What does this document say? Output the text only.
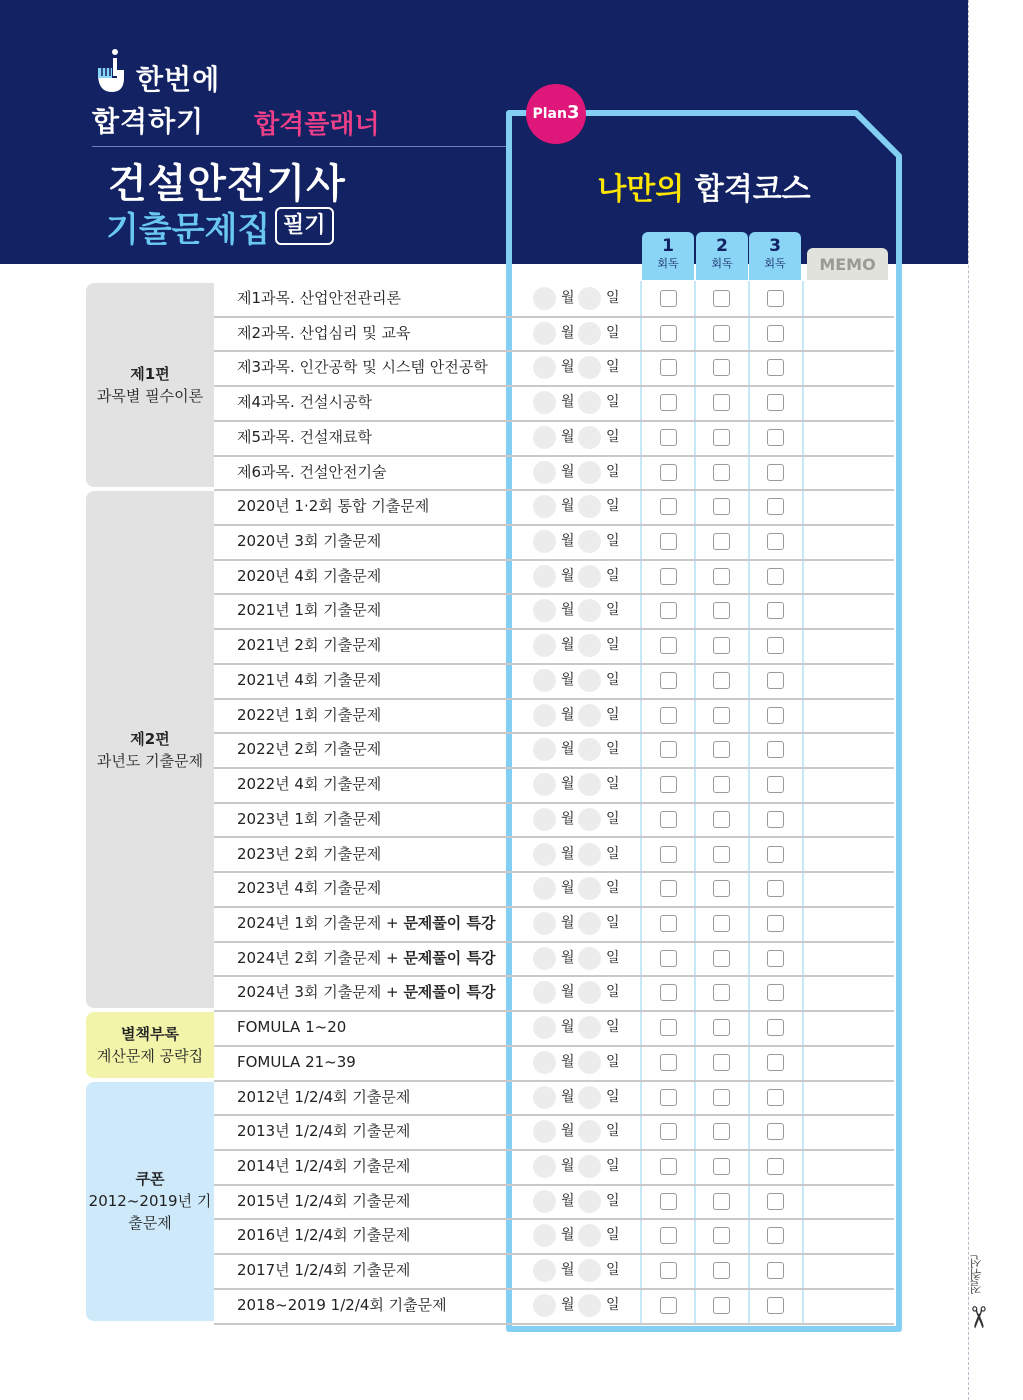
절취선
✂
한번에
합격하기 합격플래너
건설안전기사
기출문제집 필기
Plan3
나만의 합격코스
1
회독
2
회독
3
회독	MEMO
제1편
과목별 필수이론
제2편
과년도 기출문제
별책부록
계산문제 공략집
쿠폰
2012~2019년 기출문제
제1과목. 산업안전관리론	월 일
제2과목. 산업심리 및 교육	월 일
제3과목. 인간공학 및 시스템 안전공학	월 일
제4과목. 건설시공학	월 일
제5과목. 건설재료학	월 일
제6과목. 건설안전기술	월 일
2020년 1·2회 통합 기출문제	월 일
2020년 3회 기출문제	월 일
2020년 4회 기출문제	월 일
2021년 1회 기출문제	월 일
2021년 2회 기출문제	월 일
2021년 4회 기출문제	월 일
2022년 1회 기출문제	월 일
2022년 2회 기출문제	월 일
2022년 4회 기출문제	월 일
2023년 1회 기출문제	월 일
2023년 2회 기출문제	월 일
2023년 4회 기출문제	월 일
2024년 1회 기출문제 + 문제풀이 특강	월 일
2024년 2회 기출문제 + 문제풀이 특강	월 일
2024년 3회 기출문제 + 문제풀이 특강	월 일
FOMULA 1~20	월 일
FOMULA 21~39	월 일
2012년 1/2/4회 기출문제	월 일
2013년 1/2/4회 기출문제	월 일
2014년 1/2/4회 기출문제	월 일
2015년 1/2/4회 기출문제	월 일
2016년 1/2/4회 기출문제	월 일
2017년 1/2/4회 기출문제	월 일
2018~2019 1/2/4회 기출문제	월 일
